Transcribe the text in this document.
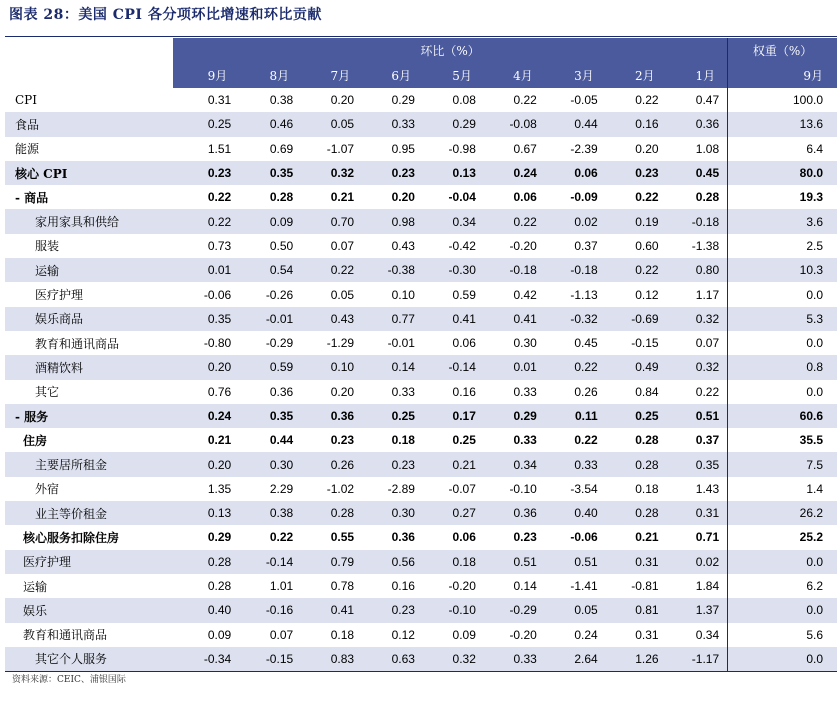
图表 28：美国 CPI 各分项环比增速和环比贡献
	环比（%）									权重（%）
	9月	8月	7月	6月	5月	4月	3月	2月	1月	9月
CPI	0.31	0.38	0.20	0.29	0.08	0.22	-0.05	0.22	0.47	100.0
食品	0.25	0.46	0.05	0.33	0.29	-0.08	0.44	0.16	0.36	13.6
能源	1.51	0.69	-1.07	0.95	-0.98	0.67	-2.39	0.20	1.08	6.4
核心 CPI	0.23	0.35	0.32	0.23	0.13	0.24	0.06	0.23	0.45	80.0
- 商品	0.22	0.28	0.21	0.20	-0.04	0.06	-0.09	0.22	0.28	19.3
家用家具和供给	0.22	0.09	0.70	0.98	0.34	0.22	0.02	0.19	-0.18	3.6
服装	0.73	0.50	0.07	0.43	-0.42	-0.20	0.37	0.60	-1.38	2.5
运输	0.01	0.54	0.22	-0.38	-0.30	-0.18	-0.18	0.22	0.80	10.3
医疗护理	-0.06	-0.26	0.05	0.10	0.59	0.42	-1.13	0.12	1.17	0.0
娱乐商品	0.35	-0.01	0.43	0.77	0.41	0.41	-0.32	-0.69	0.32	5.3
教育和通讯商品	-0.80	-0.29	-1.29	-0.01	0.06	0.30	0.45	-0.15	0.07	0.0
酒精饮料	0.20	0.59	0.10	0.14	-0.14	0.01	0.22	0.49	0.32	0.8
其它	0.76	0.36	0.20	0.33	0.16	0.33	0.26	0.84	0.22	0.0
- 服务	0.24	0.35	0.36	0.25	0.17	0.29	0.11	0.25	0.51	60.6
住房	0.21	0.44	0.23	0.18	0.25	0.33	0.22	0.28	0.37	35.5
主要居所租金	0.20	0.30	0.26	0.23	0.21	0.34	0.33	0.28	0.35	7.5
外宿	1.35	2.29	-1.02	-2.89	-0.07	-0.10	-3.54	0.18	1.43	1.4
业主等价租金	0.13	0.38	0.28	0.30	0.27	0.36	0.40	0.28	0.31	26.2
核心服务扣除住房	0.29	0.22	0.55	0.36	0.06	0.23	-0.06	0.21	0.71	25.2
医疗护理	0.28	-0.14	0.79	0.56	0.18	0.51	0.51	0.31	0.02	0.0
运输	0.28	1.01	0.78	0.16	-0.20	0.14	-1.41	-0.81	1.84	6.2
娱乐	0.40	-0.16	0.41	0.23	-0.10	-0.29	0.05	0.81	1.37	0.0
教育和通讯商品	0.09	0.07	0.18	0.12	0.09	-0.20	0.24	0.31	0.34	5.6
其它个人服务	-0.34	-0.15	0.83	0.63	0.32	0.33	2.64	1.26	-1.17	0.0
资料来源：CEIC、浦银国际
